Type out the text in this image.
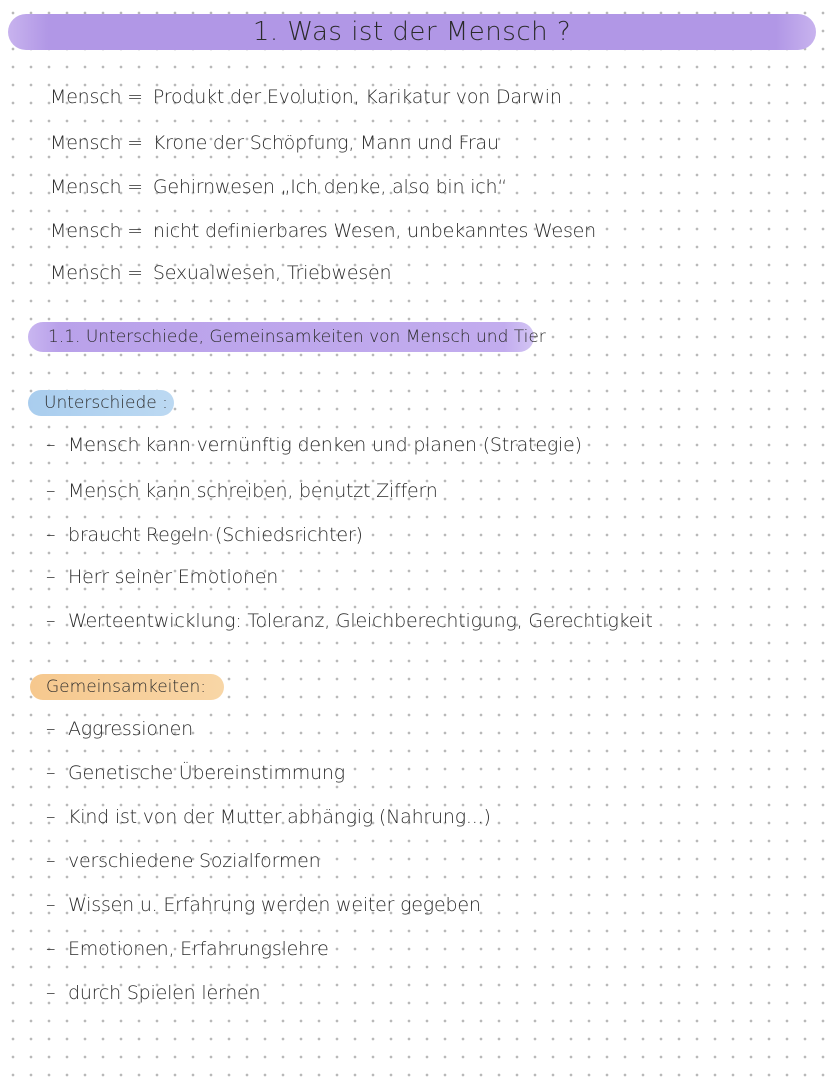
1. Was ist der Mensch ?
Mensch = Produkt der Evolution, Karikatur von Darwin
Mensch = Krone der Schöpfung, Mann und Frau
Mensch = Gehirnwesen „Ich denke, also bin ich“
Mensch = nicht definierbares Wesen, unbekanntes Wesen
Mensch = Sexualwesen, Triebwesen
1.1. Unterschiede, Gemeinsamkeiten von Mensch und Tier
Unterschiede :
– Mensch kann vernünftig denken und planen (Strategie)
– Mensch kann schreiben, benutzt Ziffern
– braucht Regeln (Schiedsrichter)
– Herr seiner Emotionen
– Werteentwicklung: Toleranz, Gleichberechtigung, Gerechtigkeit
Gemeinsamkeiten:
– Aggressionen
– Genetische Übereinstimmung
– Kind ist von der Mutter abhängig (Nahrung...)
– verschiedene Sozialformen
– Wissen u. Erfahrung werden weiter gegeben
– Emotionen, Erfahrungslehre
– durch Spielen lernen
